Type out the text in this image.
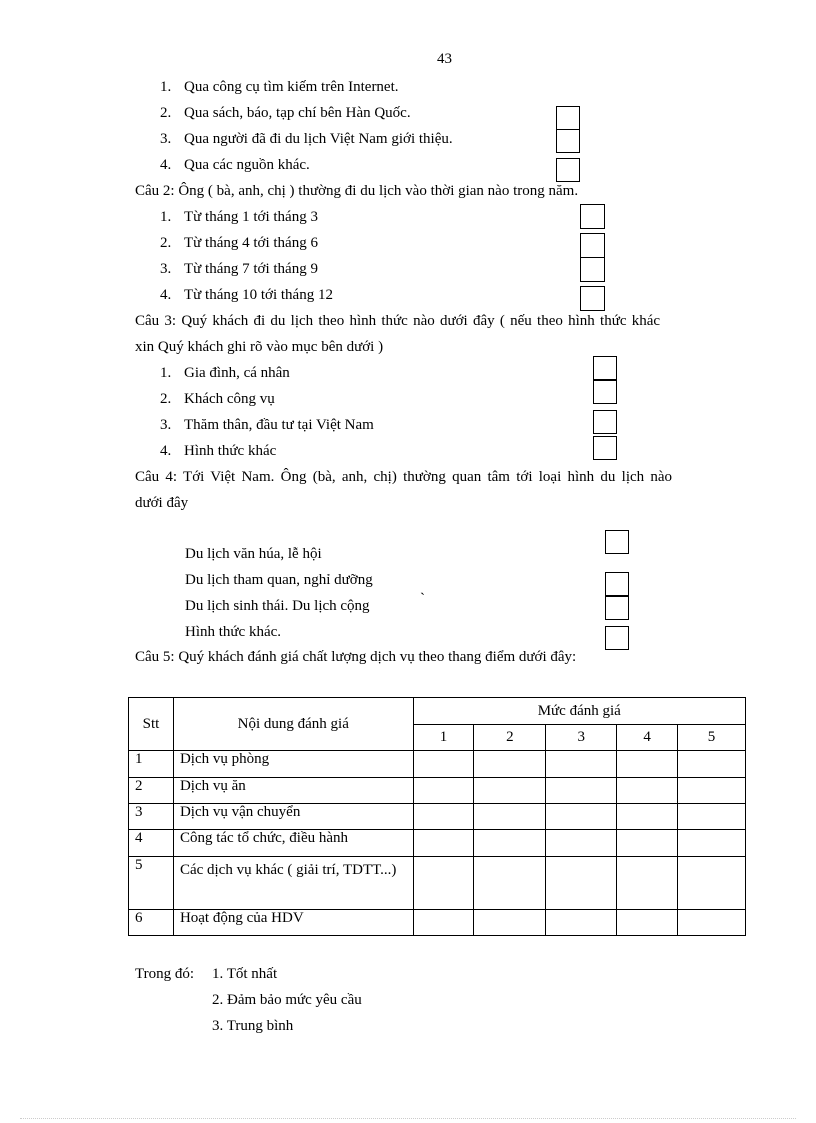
43
1. Qua công cụ tìm kiếm trên Internet.
2. Qua sách, báo, tạp chí bên Hàn Quốc.
3. Qua người đã đi du lịch Việt Nam giới thiệu.
4. Qua các nguồn khác.
Câu 2: Ông ( bà, anh, chị ) thường đi du lịch vào thời gian nào trong năm.
1. Từ tháng 1 tới tháng 3
2. Từ tháng 4 tới tháng 6
3. Từ tháng 7 tới tháng 9
4. Từ tháng 10 tới tháng 12
Câu 3: Quý khách đi du lịch theo hình thức nào dưới đây ( nếu theo hình thức khác
xin Quý khách ghi rõ vào mục bên dưới )
1. Gia đình, cá nhân
2. Khách công vụ
3. Thăm thân, đầu tư tại Việt Nam
4. Hình thức khác
Câu 4: Tới Việt Nam. Ông (bà, anh, chị) thường quan tâm tới loại hình du lịch nào
dưới đây
Du lịch văn húa, lễ hội
Du lịch tham quan, nghỉ dưỡng
Du lịch sinh thái. Du lịch cộng
Hình thức khác.
`
Câu 5: Quý khách đánh giá chất lượng dịch vụ theo thang điểm dưới đây:
Stt	Nội dung đánh giá	Mức đánh giá				
		1	2	3	4	5
1	Dịch vụ phòng					
2	Dịch vụ ăn					
3	Dịch vụ vận chuyển					
4	Công tác tổ chức, điều hành					
5	Các dịch vụ khác ( giải trí, TDTT...)					
6	Hoạt động của HDV					
Trong đó: 1. Tốt nhất
2. Đảm bảo mức yêu cầu
3. Trung bình
